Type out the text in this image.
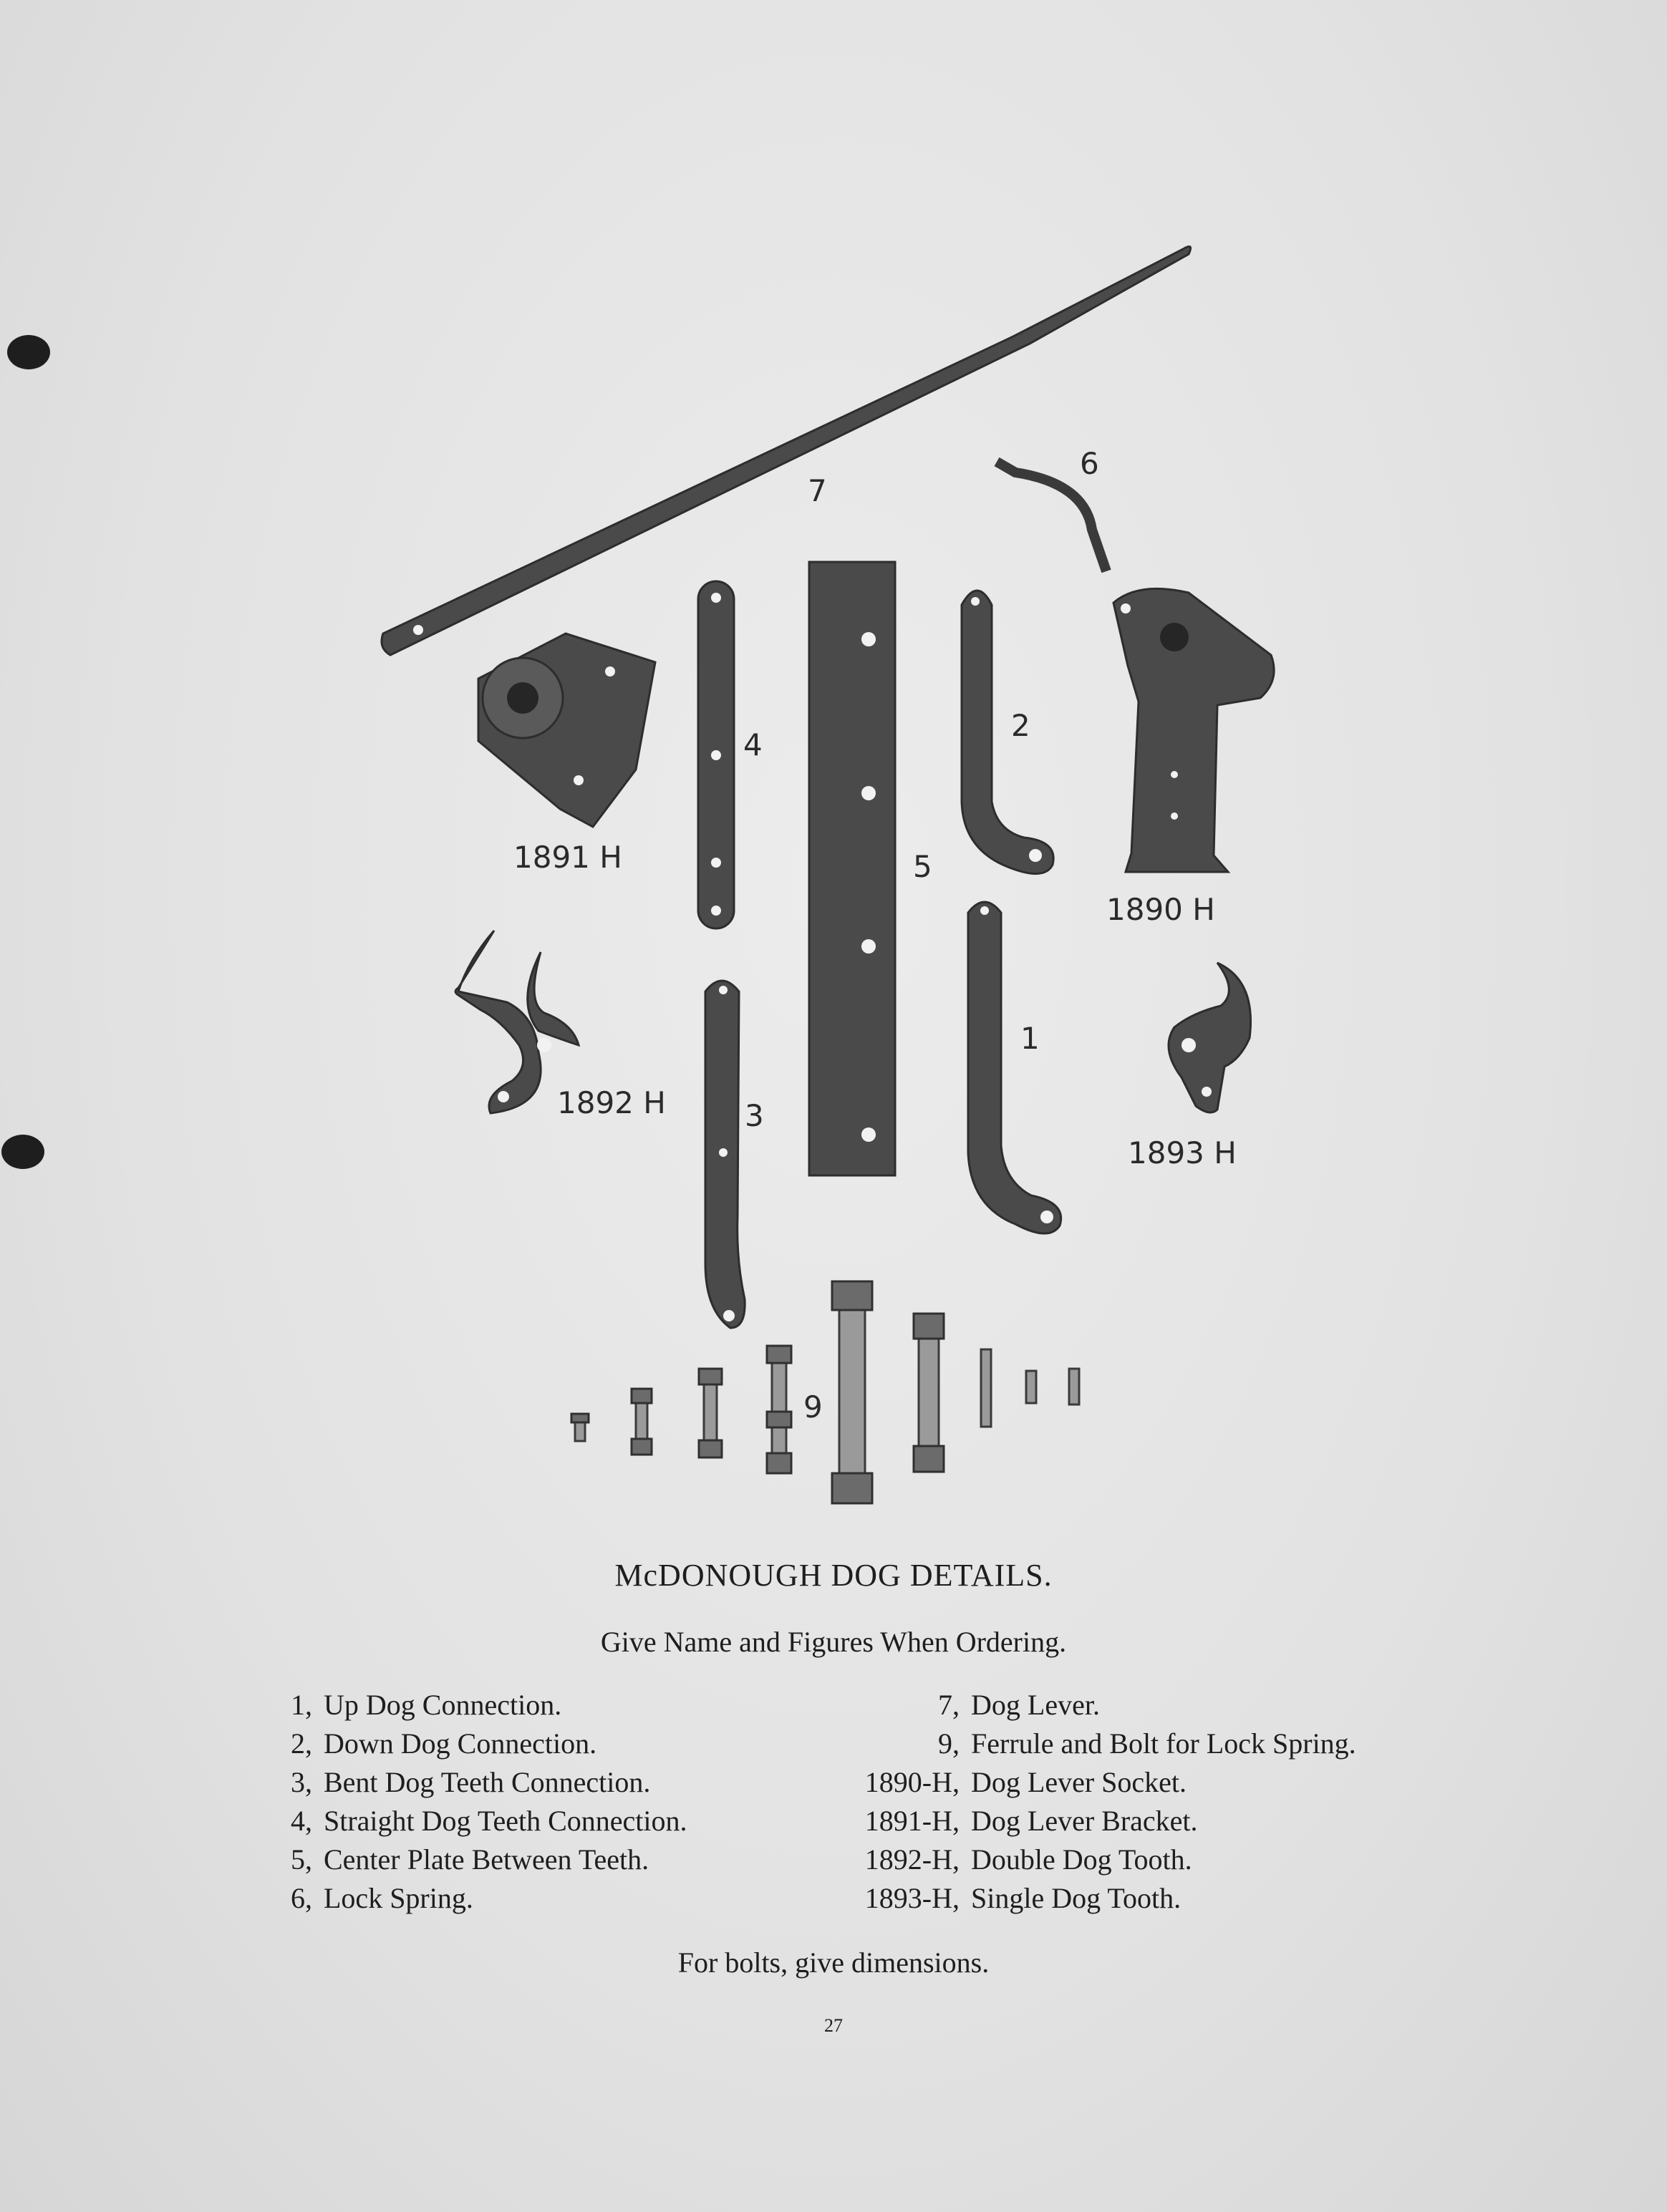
7
6
1891 H
4
5
2
1890 H
1892 H	3
1
1893 H
9
McDONOUGH DOG DETAILS.
Give Name and Figures When Ordering.
1, Up Dog Connection.
2, Down Dog Connection.
3, Bent Dog Teeth Connection.
4, Straight Dog Teeth Connection.
5, Center Plate Between Teeth.
6, Lock Spring.
7, Dog Lever.
9, Ferrule and Bolt for Lock Spring.
1890-H, Dog Lever Socket.
1891-H, Dog Lever Bracket.
1892-H, Double Dog Tooth.
1893-H, Single Dog Tooth.
For bolts, give dimensions.
27
